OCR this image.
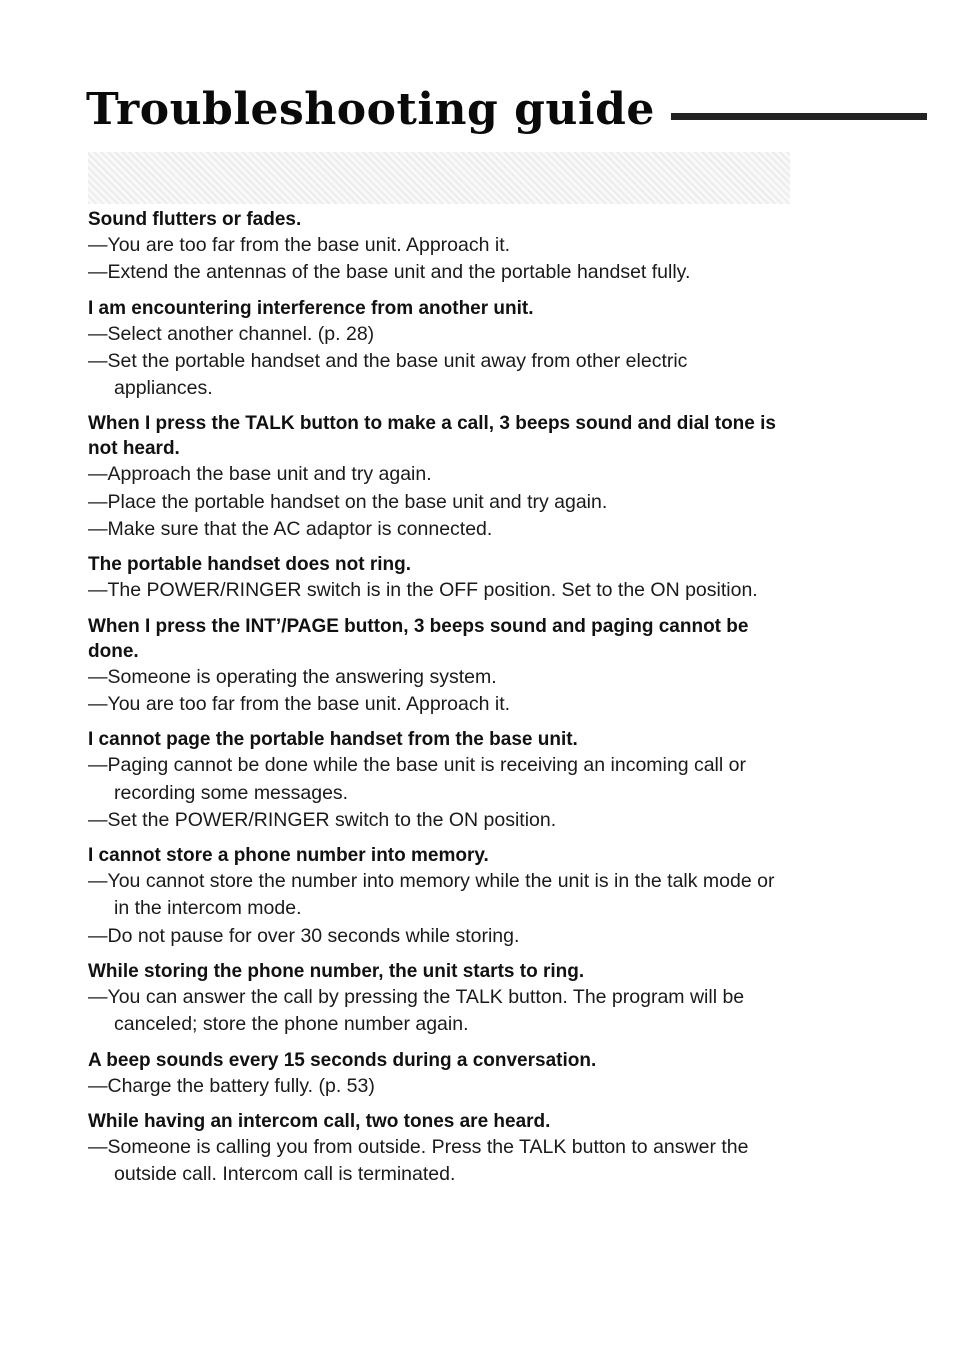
Troubleshooting guide
Sound flutters or fades.
—You are too far from the base unit. Approach it.
—Extend the antennas of the base unit and the portable handset fully.
I am encountering interference from another unit.
—Select another channel. (p. 28)
—Set the portable handset and the base unit away from other electric appliances.
When I press the TALK button to make a call, 3 beeps sound and dial tone is not heard.
—Approach the base unit and try again.
—Place the portable handset on the base unit and try again.
—Make sure that the AC adaptor is connected.
The portable handset does not ring.
—The POWER/RINGER switch is in the OFF position. Set to the ON position.
When I press the INT’/PAGE button, 3 beeps sound and paging cannot be done.
—Someone is operating the answering system.
—You are too far from the base unit. Approach it.
I cannot page the portable handset from the base unit.
—Paging cannot be done while the base unit is receiving an incoming call or recording some messages.
—Set the POWER/RINGER switch to the ON position.
I cannot store a phone number into memory.
—You cannot store the number into memory while the unit is in the talk mode or in the intercom mode.
—Do not pause for over 30 seconds while storing.
While storing the phone number, the unit starts to ring.
—You can answer the call by pressing the TALK button. The program will be canceled; store the phone number again.
A beep sounds every 15 seconds during a conversation.
—Charge the battery fully. (p. 53)
While having an intercom call, two tones are heard.
—Someone is calling you from outside. Press the TALK button to answer the outside call. Intercom call is terminated.
